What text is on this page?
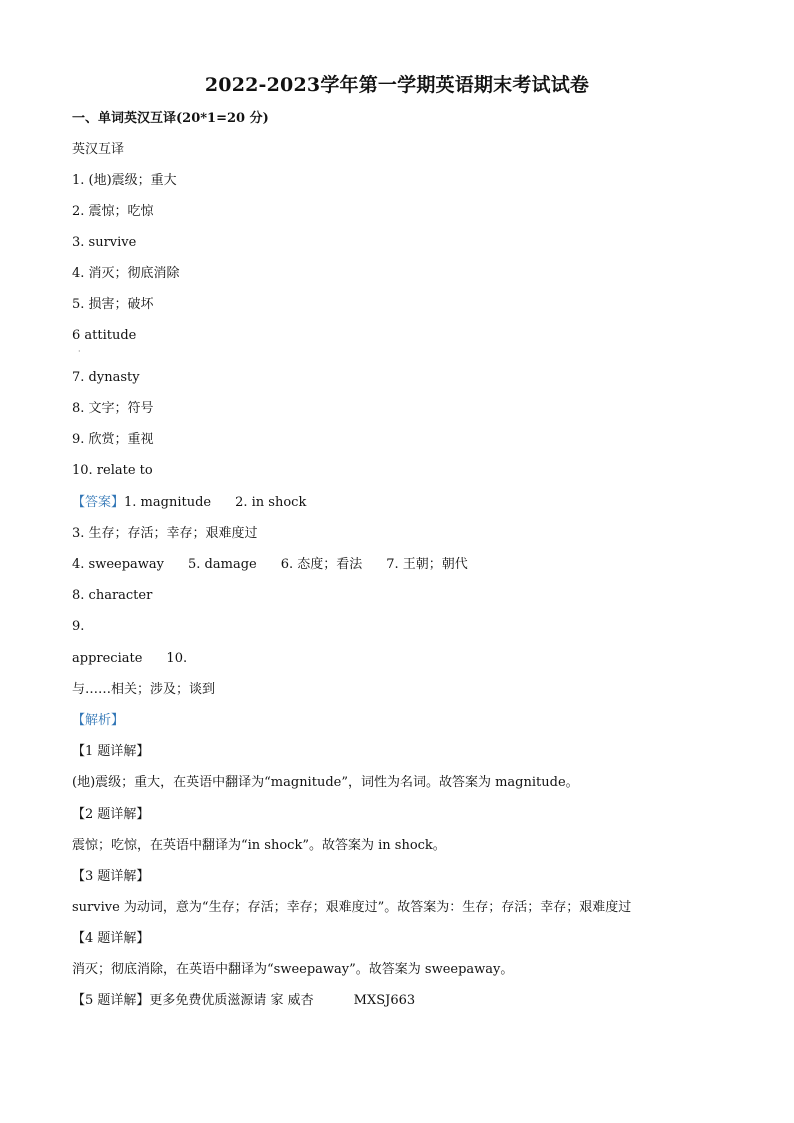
2022-2023学年第一学期英语期末考试试卷
一、单词英汉互译(20*1=20 分)
英汉互译
1. (地)震级；重大
2. 震惊；吃惊
3. survive
4. 消灭；彻底消除
5. 损害；破坏
6 attitude
·
7. dynasty
8. 文字；符号
9. 欣赏；重视
10. relate to
【答案】1. magnitude 2. in shock
3. 生存；存活；幸存；艰难度过
4. sweepaway 5. damage 6. 态度；看法 7. 王朝；朝代
8. character
9.
appreciate 10.
与……相关；涉及；谈到
【解析】
【1 题详解】
(地)震级；重大，在英语中翻译为“magnitude”，词性为名词。故答案为 magnitude。
【2 题详解】
震惊；吃惊，在英语中翻译为“in shock”。故答案为 in shock。
【3 题详解】
survive 为动词，意为“生存；存活；幸存；艰难度过”。故答案为：生存；存活；幸存；艰难度过
【4 题详解】
消灭；彻底消除，在英语中翻译为“sweepaway”。故答案为 sweepaway。
【5 题详解】更多免费优质滋源请 家 威杏	MXSJ663
